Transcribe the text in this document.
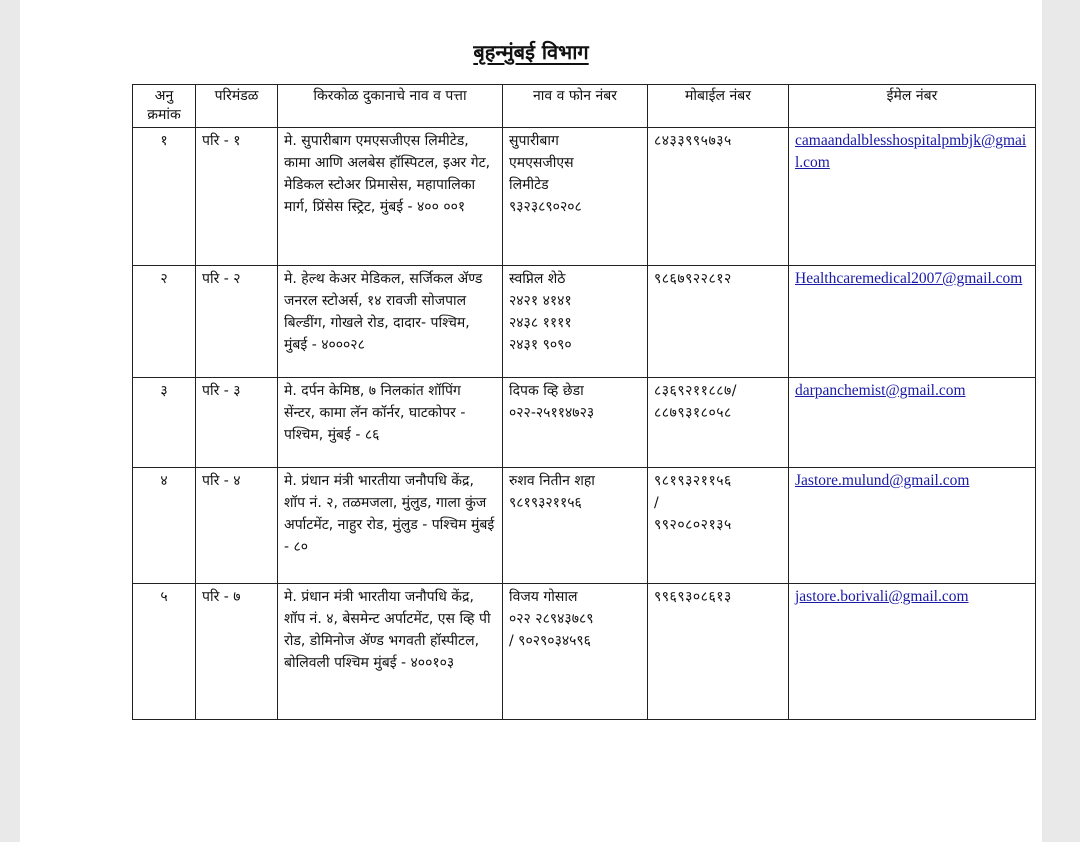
बृहन्मुंबई विभाग
अनु क्रमांक	परिमंडळ	किरकोळ दुकानाचे नाव व पत्ता	नाव व फोन नंबर	मोबाईल नंबर	ईमेल नंबर
१	परि - १	मे. सुपारीबाग एमएसजीएस लिमीटेड, कामा आणि अलबेस हॉस्पिटल, इअर गेट, मेडिकल स्टोअर प्रिमासेस, महापालिका मार्ग, प्रिंसेस स्ट्रिट, मुंबई - ४०० ००१	सुपारीबाग
एमएसजीएस
लिमीटेड
९३२३८९०२०८	८४३३९९५७३५	camaandalblesshospitalpmbjk@gmail.com
२	परि - २	मे. हेल्थ केअर मेडिकल, सर्जिकल ॲण्ड जनरल स्टोअर्स, १४ रावजी सोजपाल बिल्डींग, गोखले रोड, दादार- पश्चिम, मुंबई - ४०००२८	स्वप्निल शेठे
२४२१ ४१४१
२४३८ ११११
२४३१ ९०९०	९८६७९२२८१२	Healthcaremedical2007@gmail.com
३	परि - ३	मे. दर्पन केमिष्ठ, ७ निलकांत शॉपिंग सेंन्टर, कामा लॅन कॉर्नर, घाटकोपर - पश्चिम, मुंबई - ८६	दिपक व्हि छेडा
०२२-२५११४७२३	८३६९२११८८७/
८८७९३१८०५८	darpanchemist@gmail.com
४	परि - ४	मे. प्रंधान मंत्री भारतीया जनौपधि केंद्र, शॉप नं. २, तळमजला, मुंलुड, गाला कुंज अर्पाटमेंट, नाहुर रोड, मुंलुड - पश्चिम मुंबई - ८०	रुशव नितीन शहा
९८१९३२११५६	९८१९३२११५६
/
९९२०८०२१३५	Jastore.mulund@gmail.com
५	परि - ७	मे. प्रंधान मंत्री भारतीया जनौपधि केंद्र, शॉप नं. ४, बेसमेन्ट अर्पाटमेंट, एस व्हि पी रोड, डोमिनोज ॲण्ड भगवती हॉस्पीटल, बोलिवली पश्चिम मुंबई - ४००१०३	विजय गोसाल
०२२ २८९४३७८९
/ ९०२९०३४५९६	९९६९३०८६१३	jastore.borivali@gmail.com
